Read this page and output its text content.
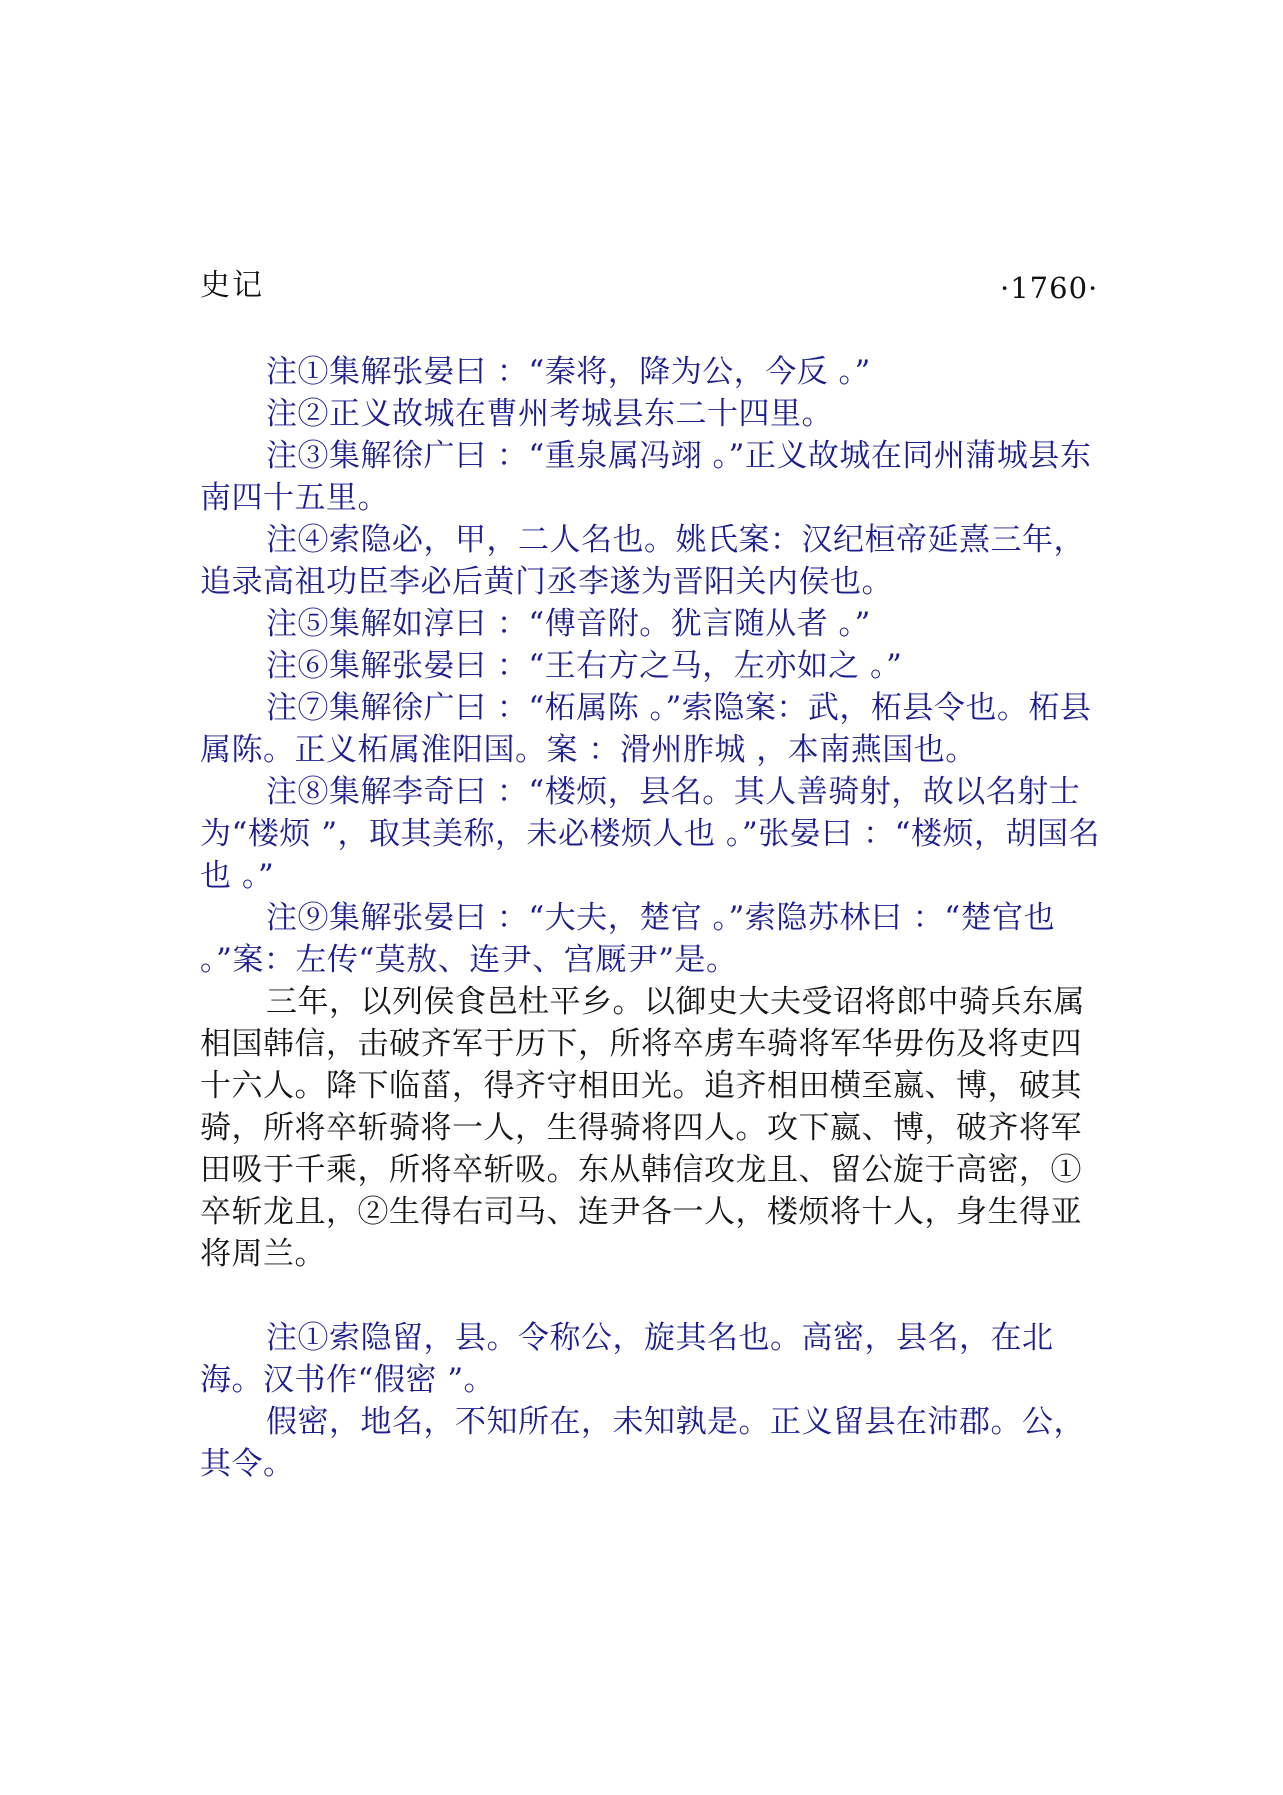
史记	·1760·

注①集解张晏曰 ：“秦将，降为公，今反 。”

注②正义故城在曹州考城县东二十四里。

注③集解徐广曰 ：“重泉属冯翊 。”正义故城在同州蒲城县东南四十五里。

注④索隐必，甲，二人名也。姚氏案：汉纪桓帝延熹三年，追录高祖功臣李必后黄门丞李遂为晋阳关内侯也。

注⑤集解如淳曰 ：“傅音附。犹言随从者 。”

注⑥集解张晏曰 ：“王右方之马，左亦如之 。”

注⑦集解徐广曰 ：“柘属陈 。”索隐案：武，柘县令也。柘县属陈。正义柘属淮阳国。案 ：滑州胙城 ，本南燕国也。

注⑧集解李奇曰 ：“楼烦，县名。其人善骑射，故以名射士为“楼烦 ”，取其美称，未必楼烦人也 。”张晏曰 ：“楼烦，胡国名也 。”

注⑨集解张晏曰 ：“大夫，楚官 。”索隐苏林曰 ：“楚官也 。”案：左传“莫敖、连尹、宫厩尹”是。

三年，以列侯食邑杜平乡。以御史大夫受诏将郎中骑兵东属相国韩信，击破齐军于历下，所将卒虏车骑将军华毋伤及将吏四十六人。降下临菑，得齐守相田光。追齐相田横至嬴、博，破其骑，所将卒斩骑将一人，生得骑将四人。攻下嬴、博，破齐将军田吸于千乘，所将卒斩吸。东从韩信攻龙且、留公旋于高密，①卒斩龙且，②生得右司马、连尹各一人，楼烦将十人，身生得亚将周兰。

注①索隐留，县。令称公，旋其名也。高密，县名，在北海。汉书作“假密 ”。

假密，地名，不知所在，未知孰是。正义留县在沛郡。公，其令。
